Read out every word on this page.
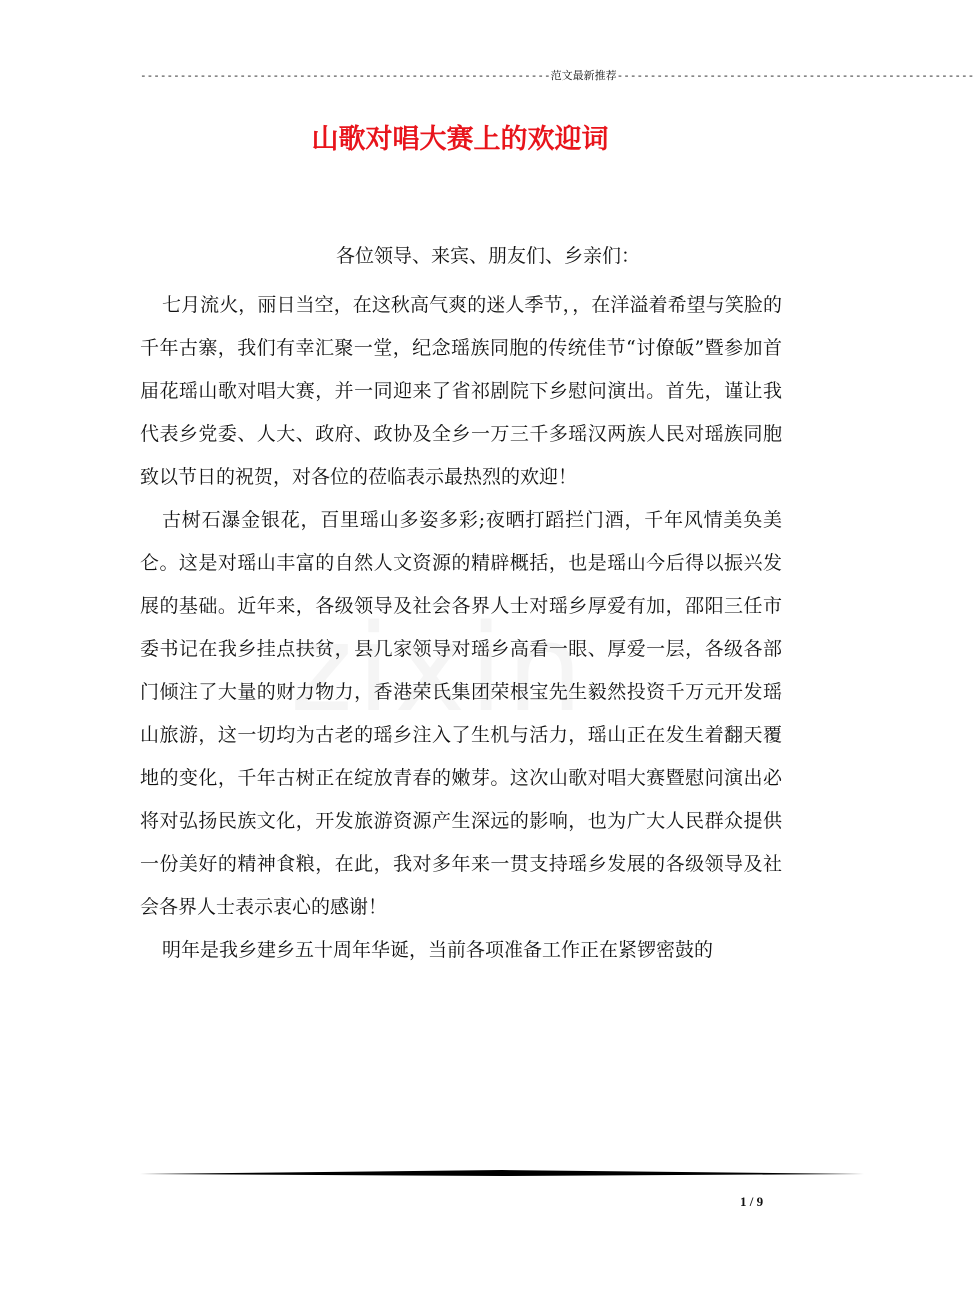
--------------------------------------------------------------范文最新推荐------------------------------------------------------
山歌对唱大赛上的欢迎词
各位领导、来宾、朋友们、乡亲们：

七月流火，丽日当空，在这秋高气爽的迷人季节，，在洋溢着希望与笑脸的千年古寨，我们有幸汇聚一堂，纪念瑶族同胞的传统佳节“讨僚皈”暨参加首届花瑶山歌对唱大赛，并一同迎来了省祁剧院下乡慰问演出。首先，谨让我代表乡党委、人大、政府、政协及全乡一万三千多瑶汉两族人民对瑶族同胞致以节日的祝贺，对各位的莅临表示最热烈的欢迎！

古树石瀑金银花，百里瑶山多姿多彩;夜晒打蹈拦门酒，千年风情美奂美仑。这是对瑶山丰富的自然人文资源的精辟概括，也是瑶山今后得以振兴发展的基础。近年来，各级领导及社会各界人士对瑶乡厚爱有加，邵阳三任市委书记在我乡挂点扶贫，县几家领导对瑶乡高看一眼、厚爱一层，各级各部门倾注了大量的财力物力，香港荣氏集团荣根宝先生毅然投资千万元开发瑶山旅游，这一切均为古老的瑶乡注入了生机与活力，瑶山正在发生着翻天覆地的变化，千年古树正在绽放青春的嫩芽。这次山歌对唱大赛暨慰问演出必将对弘扬民族文化，开发旅游资源产生深远的影响，也为广大人民群众提供一份美好的精神食粮，在此，我对多年来一贯支持瑶乡发展的各级领导及社会各界人士表示衷心的感谢！

明年是我乡建乡五十周年华诞，当前各项准备工作正在紧锣密鼓的

1 / 9
